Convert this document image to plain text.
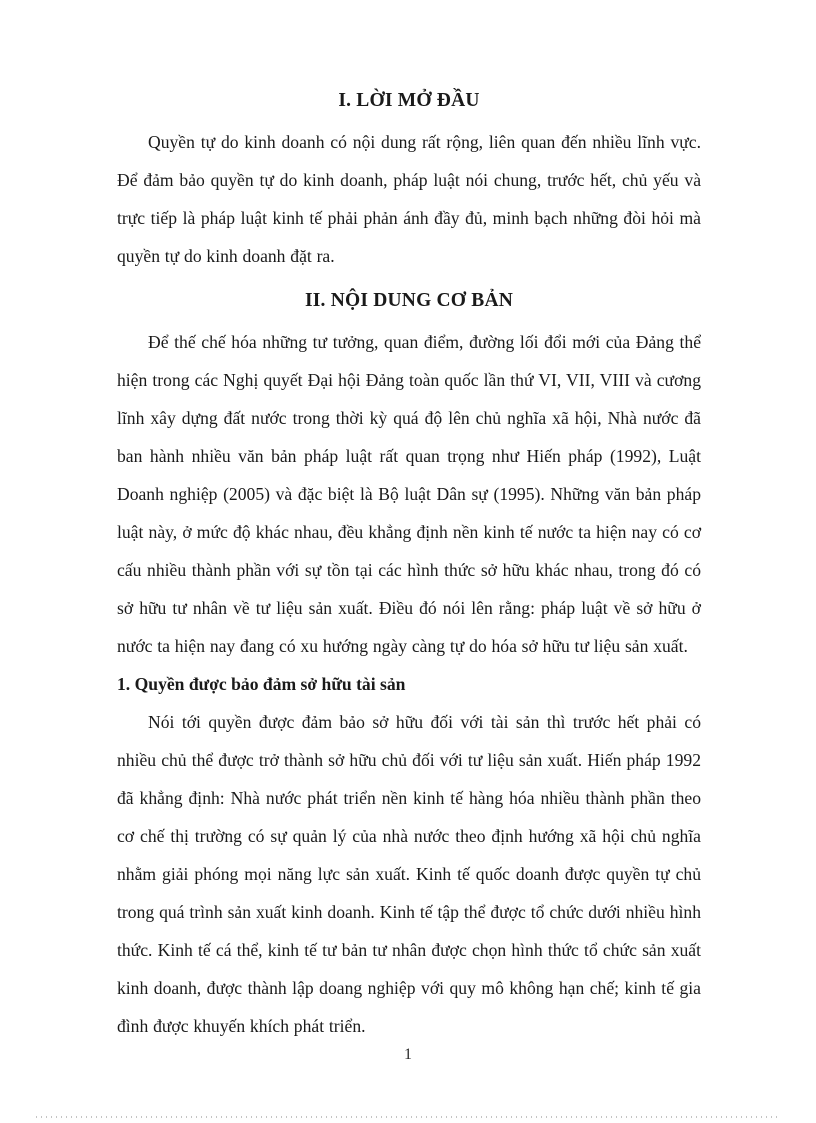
I. LỜI MỞ ĐẦU

Quyền tự do kinh doanh có nội dung rất rộng, liên quan đến nhiều lĩnh vực. Để đảm bảo quyền tự do kinh doanh, pháp luật nói chung, trước hết, chủ yếu và trực tiếp là pháp luật kinh tế phải phản ánh đầy đủ, minh bạch những đòi hỏi mà quyền tự do kinh doanh đặt ra.

II. NỘI DUNG CƠ BẢN

Để thế chế hóa những tư tưởng, quan điểm, đường lối đổi mới của Đảng thể hiện trong các Nghị quyết Đại hội Đảng toàn quốc lần thứ VI, VII, VIII và cương lĩnh xây dựng đất nước trong thời kỳ quá độ lên chủ nghĩa xã hội, Nhà nước đã ban hành nhiều văn bản pháp luật rất quan trọng như Hiến pháp (1992), Luật Doanh nghiệp (2005) và đặc biệt là Bộ luật Dân sự (1995). Những văn bản pháp luật này, ở mức độ khác nhau, đều khẳng định nền kinh tế nước ta hiện nay có cơ cấu nhiều thành phần với sự tồn tại các hình thức sở hữu khác nhau, trong đó có sở hữu tư nhân về tư liệu sản xuất. Điều đó nói lên rằng: pháp luật về sở hữu ở nước ta hiện nay đang có xu hướng ngày càng tự do hóa sở hữu tư liệu sản xuất.

1. Quyền được bảo đảm sở hữu tài sản

Nói tới quyền được đảm bảo sở hữu đối với tài sản thì trước hết phải có nhiều chủ thể được trở thành sở hữu chủ đối với tư liệu sản xuất. Hiến pháp 1992 đã khẳng định: Nhà nước phát triển nền kinh tế hàng hóa nhiều thành phần theo cơ chế thị trường có sự quản lý của nhà nước theo định hướng xã hội chủ nghĩa nhằm giải phóng mọi năng lực sản xuất. Kinh tế quốc doanh được quyền tự chủ trong quá trình sản xuất kinh doanh. Kinh tế tập thể được tổ chức dưới nhiều hình thức. Kinh tế cá thể, kinh tế tư bản tư nhân được chọn hình thức tổ chức sản xuất kinh doanh, được thành lập doang nghiệp với quy mô không hạn chế; kinh tế gia đình được khuyến khích phát triển.

1
